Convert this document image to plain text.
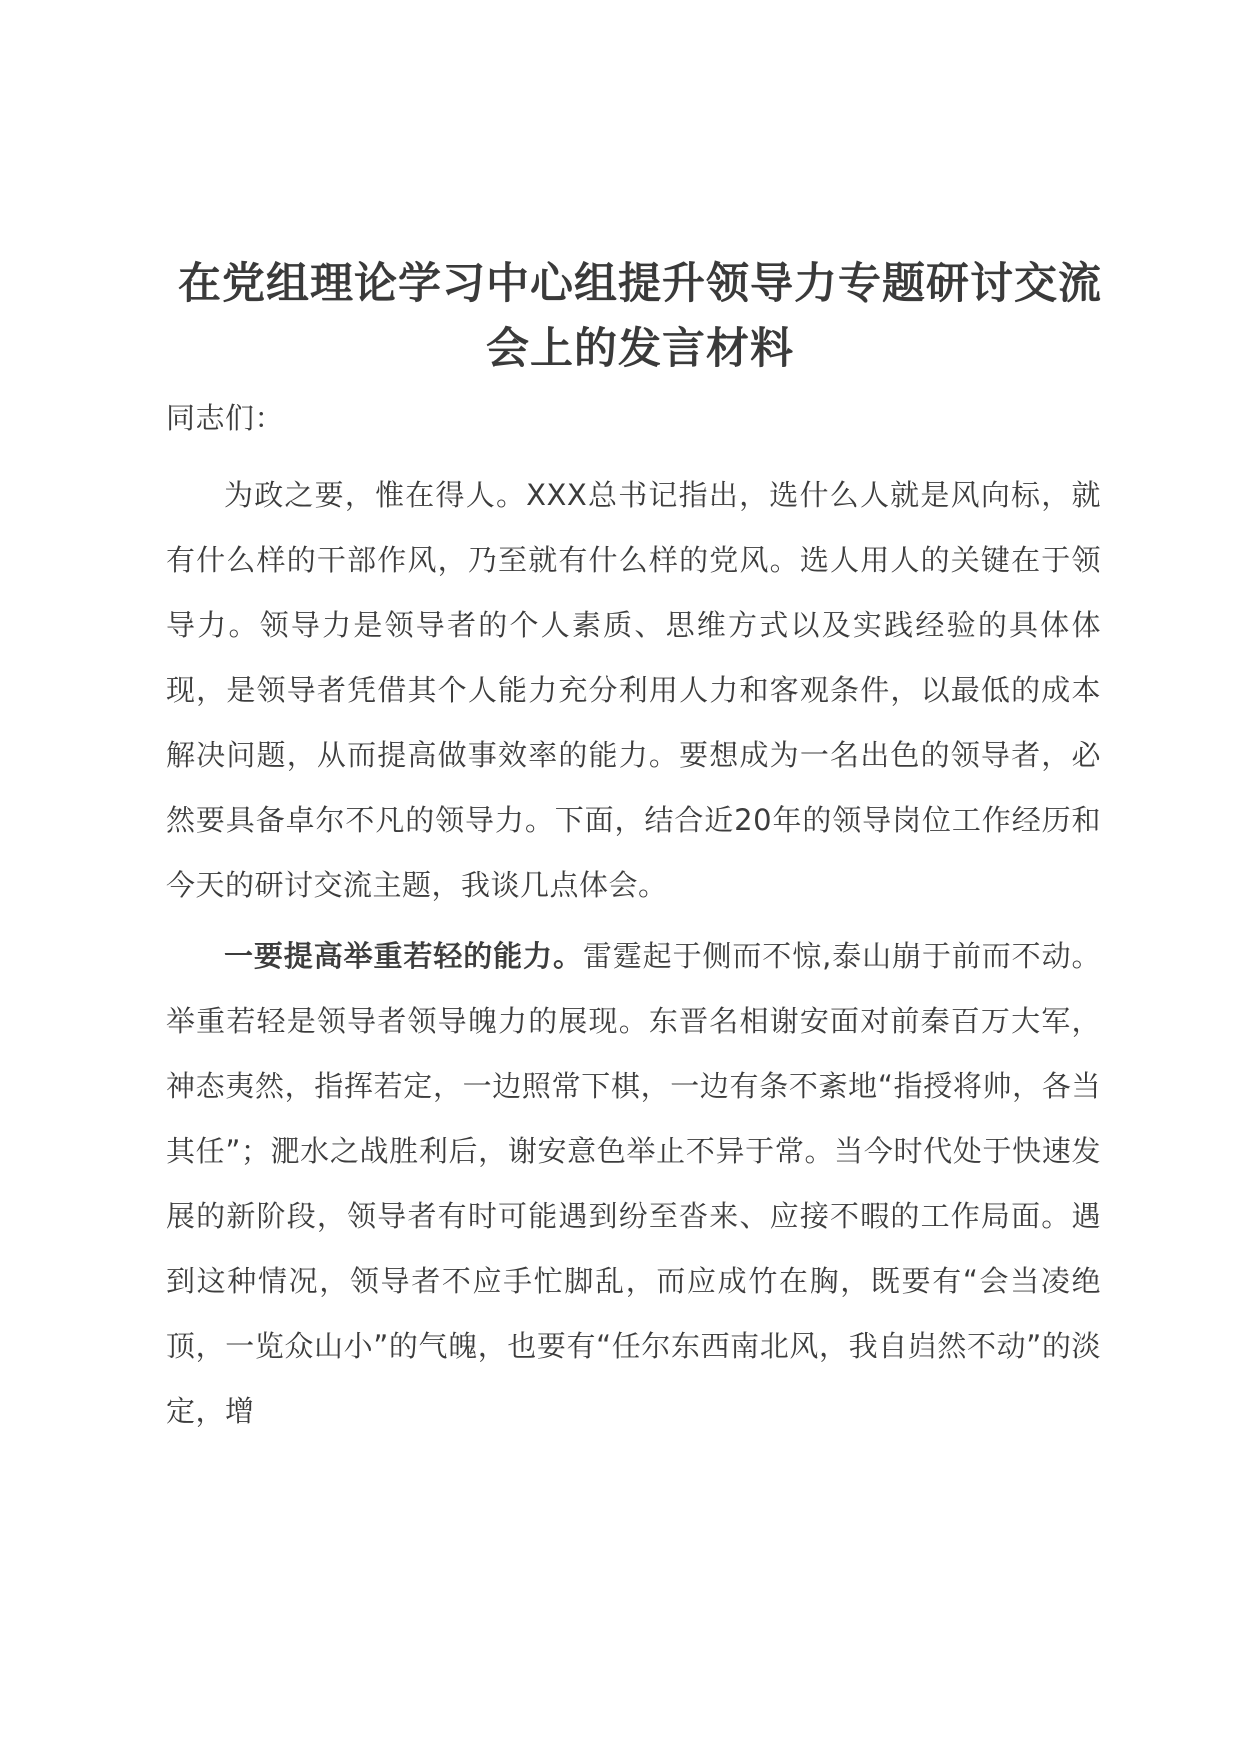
在党组理论学习中心组提升领导力专题研讨交流
会上的发言材料

同志们：

为政之要，惟在得人。XXX总书记指出，选什么人就是风向标，就有什么样的干部作风，乃至就有什么样的党风。选人用人的关键在于领导力。领导力是领导者的个人素质、思维方式以及实践经验的具体体现，是领导者凭借其个人能力充分利用人力和客观条件，以最低的成本解决问题，从而提高做事效率的能力。要想成为一名出色的领导者，必然要具备卓尔不凡的领导力。下面，结合近20年的领导岗位工作经历和今天的研讨交流主题，我谈几点体会。

一要提高举重若轻的能力。雷霆起于侧而不惊,泰山崩于前而不动。举重若轻是领导者领导魄力的展现。东晋名相谢安面对前秦百万大军，神态夷然，指挥若定，一边照常下棋，一边有条不紊地“指授将帅，各当其任”；淝水之战胜利后，谢安意色举止不异于常。当今时代处于快速发展的新阶段，领导者有时可能遇到纷至沓来、应接不暇的工作局面。遇到这种情况，领导者不应手忙脚乱，而应成竹在胸，既要有“会当凌绝顶，一览众山小”的气魄，也要有“任尔东西南北风，我自岿然不动”的淡定，增
